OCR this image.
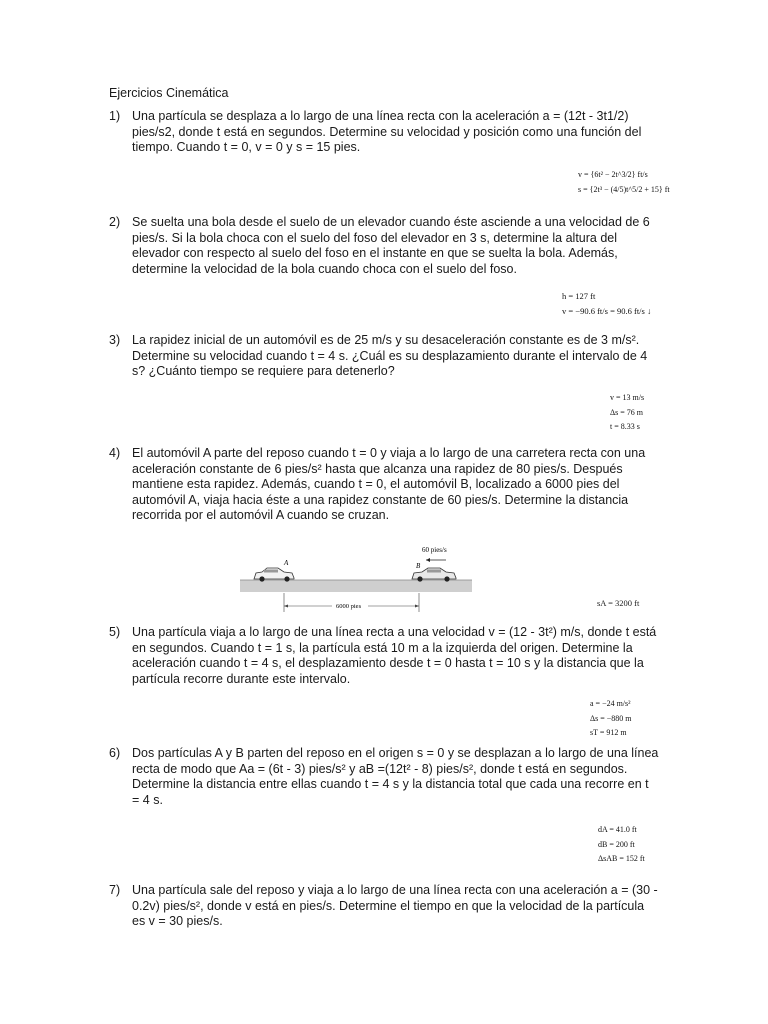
Ejercicios Cinemática
1) Una partícula se desplaza a lo largo de una línea recta con la aceleración a = (12t - 3t1/2) pies/s2, donde t está en segundos. Determine su velocidad y posición como una función del tiempo. Cuando t = 0, v = 0 y s = 15 pies.
v = {6t² − 2t^3/2} ft/s
s = {2t³ − (4/5)t^5/2 + 15} ft
2) Se suelta una bola desde el suelo de un elevador cuando éste asciende a una velocidad de 6 pies/s. Si la bola choca con el suelo del foso del elevador en 3 s, determine la altura del elevador con respecto al suelo del foso en el instante en que se suelta la bola. Además, determine la velocidad de la bola cuando choca con el suelo del foso.
h = 127 ft
v = −90.6 ft/s = 90.6 ft/s ↓
3) La rapidez inicial de un automóvil es de 25 m/s y su desaceleración constante es de 3 m/s². Determine su velocidad cuando t = 4 s. ¿Cuál es su desplazamiento durante el intervalo de 4 s? ¿Cuánto tiempo se requiere para detenerlo?
v = 13 m/s
Δs = 76 m
t = 8.33 s
4) El automóvil A parte del reposo cuando t = 0 y viaja a lo largo de una carretera recta con una aceleración constante de 6 pies/s² hasta que alcanza una rapidez de 80 pies/s. Después mantiene esta rapidez. Además, cuando t = 0, el automóvil B, localizado a 6000 pies del automóvil A, viaja hacia éste a una rapidez constante de 60 pies/s. Determine la distancia recorrida por el automóvil A cuando se cruzan.
A	B
60 pies/s
6000 pies	sA = 3200 ft
5) Una partícula viaja a lo largo de una línea recta a una velocidad v = (12 - 3t²) m/s, donde t está en segundos. Cuando t = 1 s, la partícula está 10 m a la izquierda del origen. Determine la aceleración cuando t = 4 s, el desplazamiento desde t = 0 hasta t = 10 s y la distancia que la partícula recorre durante este intervalo.
a = −24 m/s²
Δs = −880 m
sT = 912 m
6) Dos partículas A y B parten del reposo en el origen s = 0 y se desplazan a lo largo de una línea recta de modo que Aa = (6t - 3) pies/s² y aB =(12t² - 8) pies/s², donde t está en segundos. Determine la distancia entre ellas cuando t = 4 s y la distancia total que cada una recorre en t = 4 s.
dA = 41.0 ft
dB = 200 ft
ΔsAB = 152 ft
7) Una partícula sale del reposo y viaja a lo largo de una línea recta con una aceleración a = (30 - 0.2v) pies/s², donde v está en pies/s. Determine el tiempo en que la velocidad de la partícula es v = 30 pies/s.
